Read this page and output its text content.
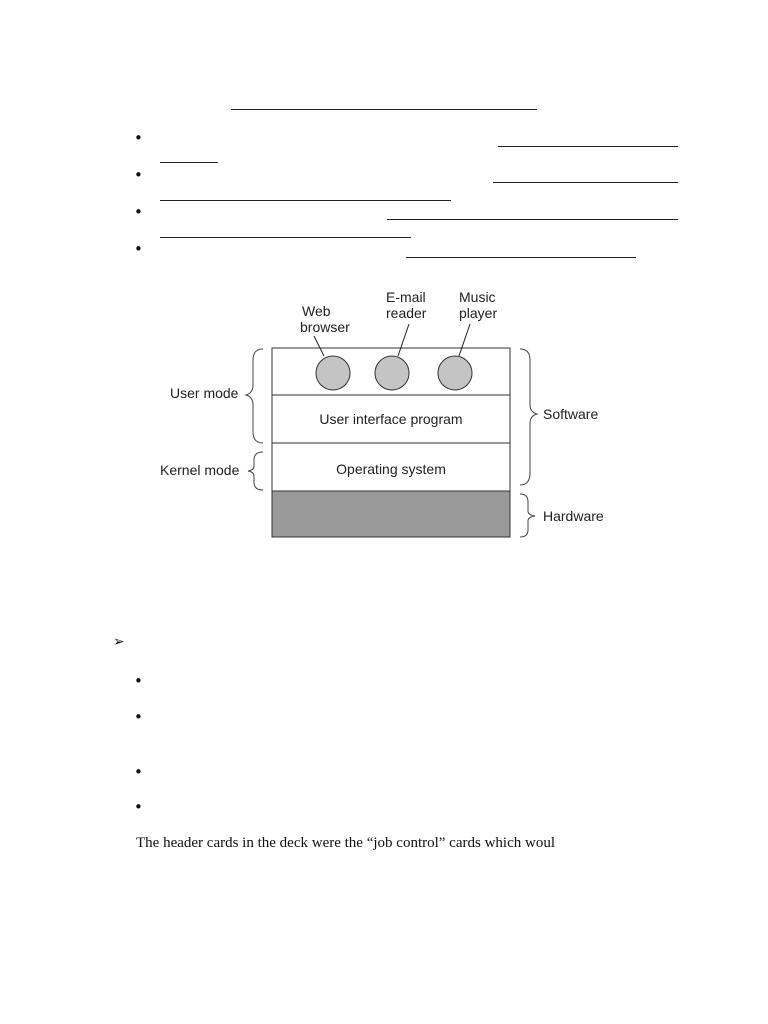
•
•
•
•
Web
browser
E-mail
reader
Music
player
User interface program
Operating system
User mode
Kernel mode
Software
Hardware
➢
•
•
•
•
The header cards in the deck were the “job control” cards which woul
